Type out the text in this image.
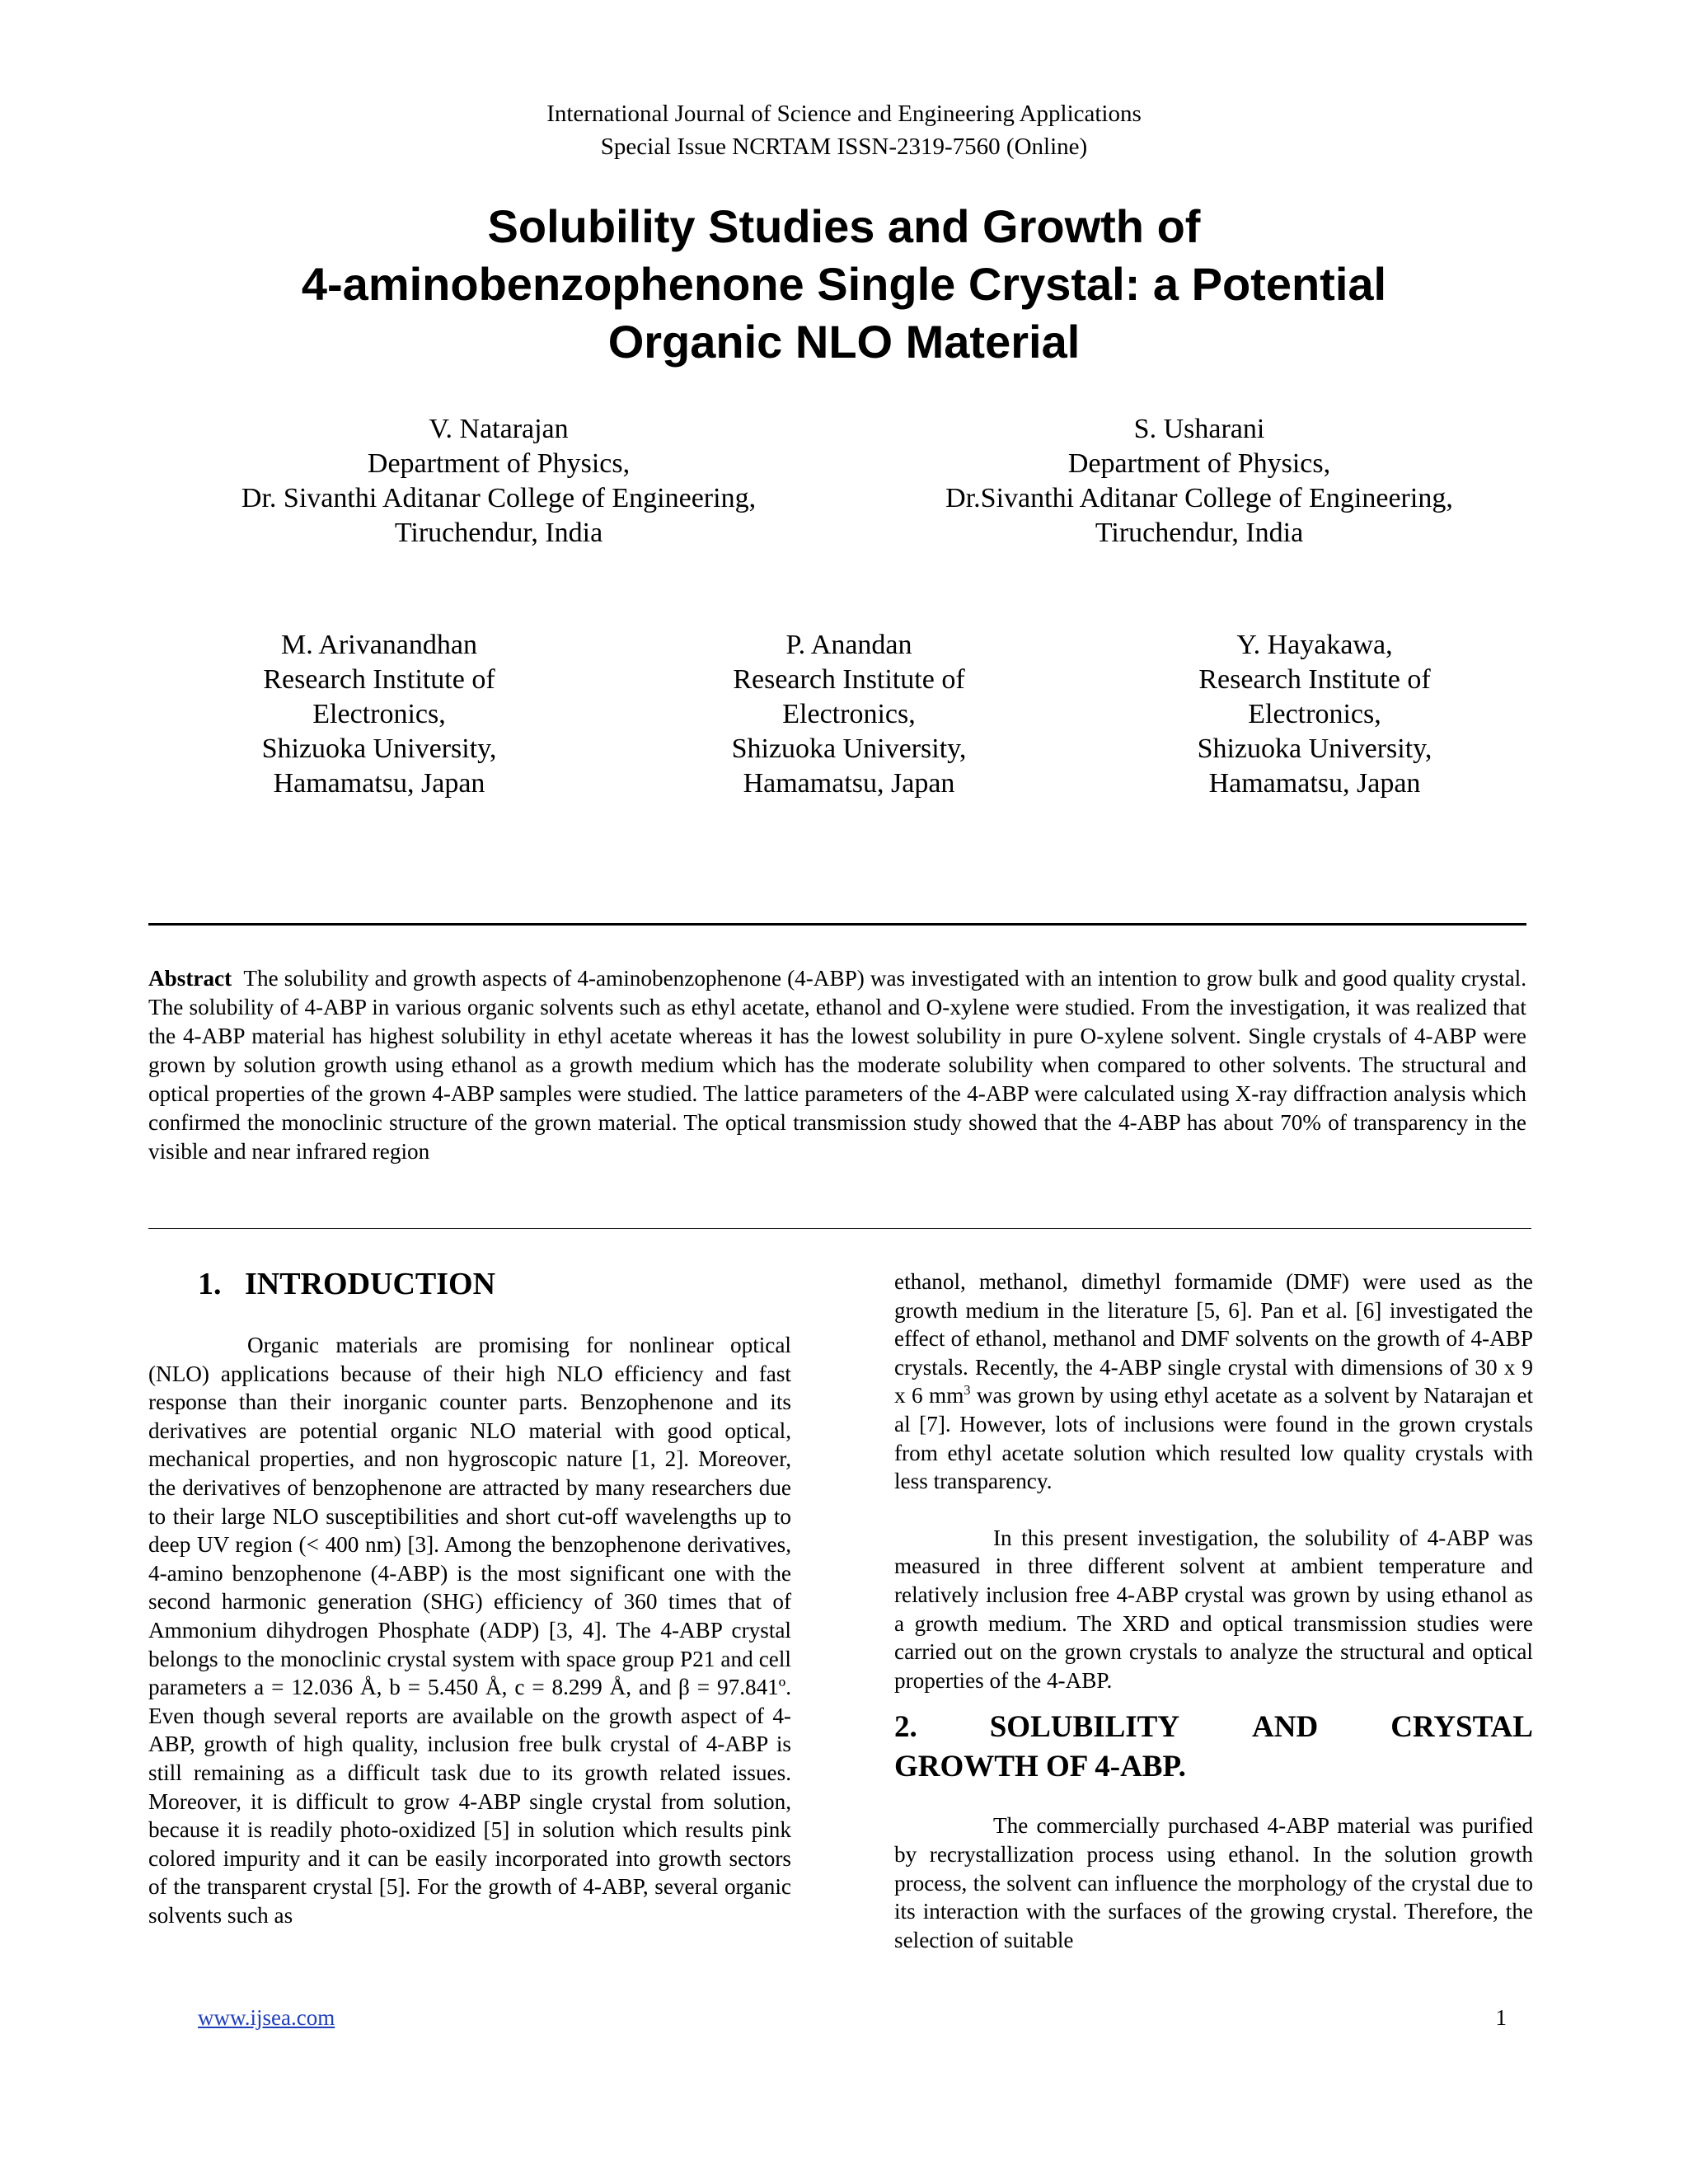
International Journal of Science and Engineering Applications
Special Issue NCRTAM ISSN-2319-7560 (Online)
Solubility Studies and Growth of
4-aminobenzophenone Single Crystal: a Potential
Organic NLO Material
V. Natarajan
Department of Physics,
Dr. Sivanthi Aditanar College of Engineering,
Tiruchendur, India
S. Usharani
Department of Physics,
Dr.Sivanthi Aditanar College of Engineering,
Tiruchendur, India
M. Arivanandhan
Research Institute of
Electronics,
Shizuoka University,
Hamamatsu, Japan
P. Anandan
Research Institute of
Electronics,
Shizuoka University,
Hamamatsu, Japan
Y. Hayakawa,
Research Institute of
Electronics,
Shizuoka University,
Hamamatsu, Japan
Abstract The solubility and growth aspects of 4-aminobenzophenone (4-ABP) was investigated with an intention to grow bulk and good quality crystal. The solubility of 4-ABP in various organic solvents such as ethyl acetate, ethanol and O-xylene were studied. From the investigation, it was realized that the 4-ABP material has highest solubility in ethyl acetate whereas it has the lowest solubility in pure O-xylene solvent. Single crystals of 4-ABP were grown by solution growth using ethanol as a growth medium which has the moderate solubility when compared to other solvents. The structural and optical properties of the grown 4-ABP samples were studied. The lattice parameters of the 4-ABP were calculated using X-ray diffraction analysis which confirmed the monoclinic structure of the grown material. The optical transmission study showed that the 4-ABP has about 70% of transparency in the visible and near infrared region
1.   INTRODUCTION

Organic materials are promising for nonlinear optical (NLO) applications because of their high NLO efficiency and fast response than their inorganic counter parts. Benzophenone and its derivatives are potential organic NLO material with good optical, mechanical properties, and non hygroscopic nature [1, 2]. Moreover, the derivatives of benzophenone are attracted by many researchers due to their large NLO susceptibilities and short cut-off wavelengths up to deep UV region (< 400 nm) [3]. Among the benzophenone derivatives, 4-amino benzophenone (4-ABP) is the most significant one with the second harmonic generation (SHG) efficiency of 360 times that of Ammonium dihydrogen Phosphate (ADP) [3, 4]. The 4-ABP crystal belongs to the monoclinic crystal system with space group P21 and cell parameters a = 12.036 Å, b = 5.450 Å, c = 8.299 Å, and β = 97.841º. Even though several reports are available on the growth aspect of 4-ABP, growth of high quality, inclusion free bulk crystal of 4-ABP is still remaining as a difficult task due to its growth related issues. Moreover, it is difficult to grow 4-ABP single crystal from solution, because it is readily photo-oxidized [5] in solution which results pink colored impurity and it can be easily incorporated into growth sectors of the transparent crystal [5]. For the growth of 4-ABP, several organic solvents such as

ethanol, methanol, dimethyl formamide (DMF) were used as the growth medium in the literature [5, 6]. Pan et al. [6] investigated the effect of ethanol, methanol and DMF solvents on the growth of 4-ABP crystals. Recently, the 4-ABP single crystal with dimensions of 30 x 9 x 6 $mm^3$ was grown by using ethyl acetate as a solvent by Natarajan et al [7]. However, lots of inclusions were found in the grown crystals from ethyl acetate solution which resulted low quality crystals with less transparency.

In this present investigation, the solubility of 4-ABP was measured in three different solvent at ambient temperature and relatively inclusion free 4-ABP crystal was grown by using ethanol as a growth medium. The XRD and optical transmission studies were carried out on the grown crystals to analyze the structural and optical properties of the 4-ABP.

2. SOLUBILITY AND CRYSTAL
GROWTH OF 4-ABP.

The commercially purchased 4-ABP material was purified by recrystallization process using ethanol. In the solution growth process, the solvent can influence the morphology of the crystal due to its interaction with the surfaces of the growing crystal. Therefore, the selection of suitable

www.ijsea.com	1
